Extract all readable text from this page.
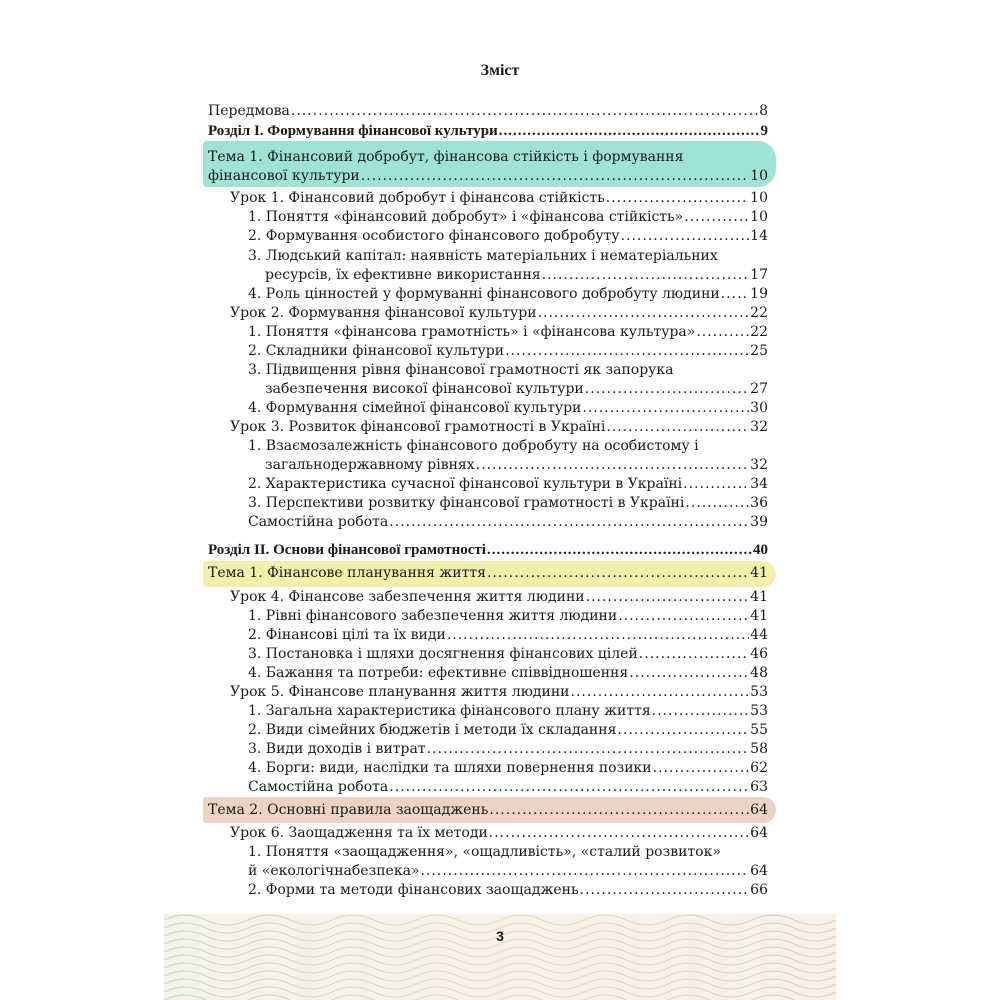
Зміст
Передмова .....	8
Розділ I. Формування фінансової культури .....	9
Тема 1. Фінансовий добробут, фінансова стійкість і формування
фінансової культури .....	10
Урок 1. Фінансовий добробут і фінансова стійкість .....	10
1. Поняття «фінансовий добробут» і «фінансова стійкість» .....	10
2. Формування особистого фінансового добробуту .....	14
3. Людський капітал: наявність матеріальних і нематеріальних
ресурсів, їх ефективне використання .....	17
4. Роль цінностей у формуванні фінансового добробуту людини ..... 19
Урок 2. Формування фінансової культури .....	22
1. Поняття «фінансова грамотність» і «фінансова культура» .....	22
2. Складники фінансової культури .....	25
3. Підвищення рівня фінансової грамотності як запорука
забезпечення високої фінансової культури .....	27
4. Формування сімейної фінансової культури .....	30
Урок 3. Розвиток фінансової грамотності в Україні .....	32
1. Взаємозалежність фінансового добробуту на особистому і
загальнодержавному рівнях .....	32
2. Характеристика сучасної фінансової культури в Україні .....	34
3. Перспективи розвитку фінансової грамотності в Україні .....	36
Самостійна робота .....	39
Розділ II. Основи фінансової грамотності .....	40
Тема 1. Фінансове планування життя .....	41
Урок 4. Фінансове забезпечення життя людини .....	41
1. Рівні фінансового забезпечення життя людини .....	41
2. Фінансові цілі та їх види .....	44
3. Постановка і шляхи досягнення фінансових цілей .....	46
4. Бажання та потреби: ефективне співвідношення .....	48
Урок 5. Фінансове планування життя людини .....	53
1. Загальна характеристика фінансового плану життя .....	53
2. Види сімейних бюджетів і методи їх складання .....	55
3. Види доходів і витрат .....	58
4. Борги: види, наслідки та шляхи повернення позики .....	62
Самостійна робота .....	63
Тема 2. Основні правила заощаджень .....	64
Урок 6. Заощадження та їх методи .....	64
1. Поняття «заощадження», «ощадливість», «сталий розвиток»
й «екологічнабезпека» .....	64
2. Форми та методи фінансових заощаджень .....	66
3
